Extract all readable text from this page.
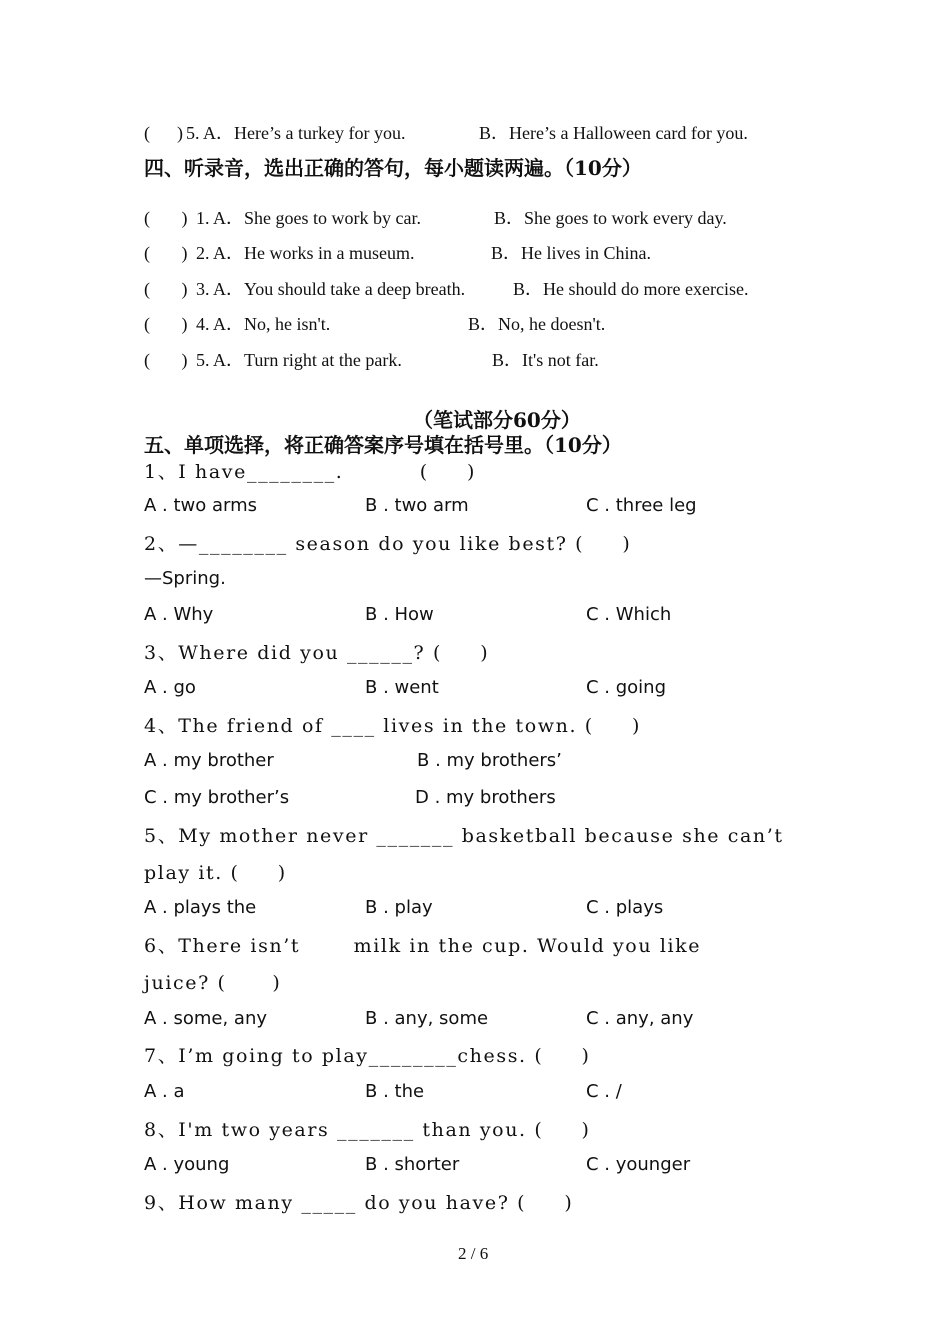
(      ) 5. A．Here’s a turkey for you.	B．Here’s a Halloween card for you.
四、听录音，选出正确的答句，每小题读两遍。（10分）
(       ) 1. A．She goes to work by car.	B．She goes to work every day.
(       ) 2. A．He works in a museum.	B．He lives in China.
(       ) 3. A．You should take a deep breath.	B．He should do more exercise.
(       ) 4. A．No, he isn't.	B．No, he doesn't.
(       ) 5. A．Turn right at the park.	B．It's not far.
（笔试部分60分）
五、单项选择，将正确答案序号填在括号里。（10分）
1、I have________.          (     )
A . two arms	B . two arm	C . three leg
2、—________ season do you like best? (     )
—Spring.
A . Why	B . How	C . Which
3、Where did you ______? (     )
A . go	B . went	C . going
4、The friend of ____ lives in the town. (     )
A . my brother	B . my brothers’
C . my brother’s	D . my brothers
5、My mother never _______ basketball because she can’t
play it. (     )
A . plays the	B . play	C . plays
6、There isn’t       milk in the cup. Would you like
juice? (      )
A . some, any	B . any, some	C . any, any
7、I’m going to play________chess. (     )
A . a	B . the	C . /
8、I'm two years _______ than you. (     )
A . young	B . shorter	C . younger
9、How many _____ do you have? (     )
2 / 6
